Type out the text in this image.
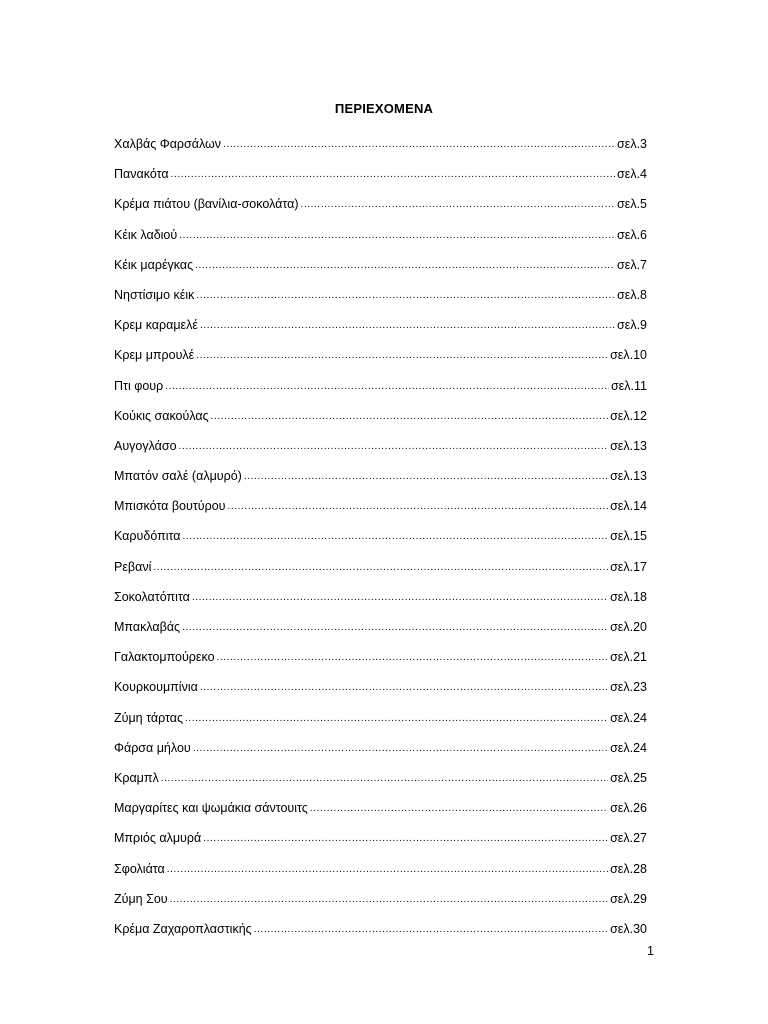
ΠΕΡΙΕΧΟΜΕΝΑ
Χαλβάς Φαρσάλων .....	σελ.3
Πανακότα .....	σελ.4
Κρέμα πιάτου (βανίλια-σοκολάτα) .....	σελ.5
Κέικ λαδιού .....	σελ.6
Κέικ μαρέγκας .....	σελ.7
Νηστίσιμο κέικ .....	σελ.8
Κρεμ καραμελέ .....	σελ.9
Κρεμ μπρουλέ .....	σελ.10
Πτι φουρ .....	σελ.11
Κούκις σακούλας .....	σελ.12
Αυγογλάσο .....	σελ.13
Μπατόν σαλέ (αλμυρό) .....	σελ.13
Μπισκότα βουτύρου .....	σελ.14
Καρυδόπιτα .....	σελ.15
Ρεβανί .....	σελ.17
Σοκολατόπιτα .....	σελ.18
Μπακλαβάς .....	σελ.20
Γαλακτομπούρεκο .....	σελ.21
Κουρκουμπίνια .....	σελ.23
Ζύμη τάρτας .....	σελ.24
Φάρσα μήλου .....	σελ.24
Κραμπλ .....	σελ.25
Μαργαρίτες και ψωμάκια σάντουιτς .....	σελ.26
Μπριός αλμυρά .....	σελ.27
Σφολιάτα .....	σελ.28
Ζύμη Σου .....	σελ.29
Κρέμα Ζαχαροπλαστικής .....	σελ.30
1
